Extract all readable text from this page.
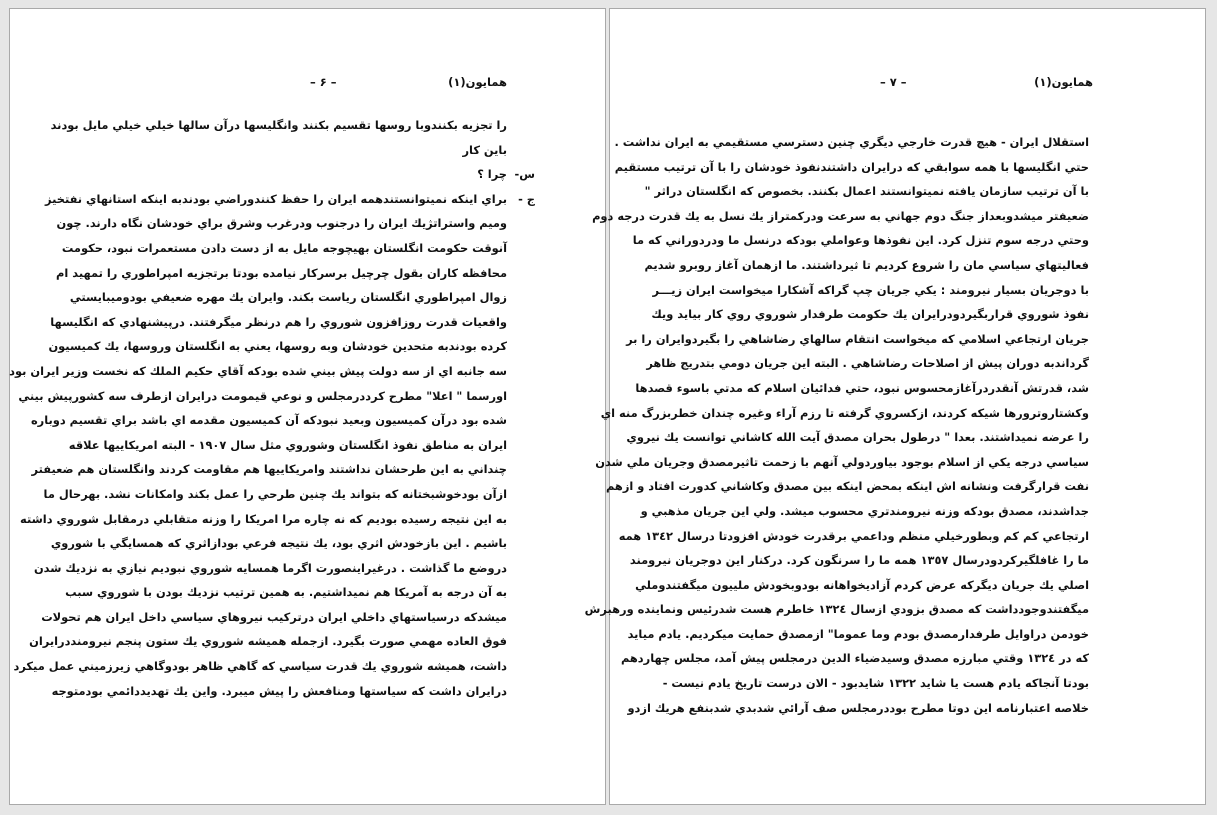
همايون(١)
– ۶ –
را تجزيه بكنندوبا روسها تقسيم بكنند وانگليسها درآن سالها خيلي خيلي مايل بودند
باين كار
س-
چرا ؟
ج -
براي اينكه نميتوانستندهمه ايران را حفظ كنندوراضي بودندبه اينكه استانهاي نفتخيز
وميم واستراتژيك ايران را درجنوب ودرغرب وشرق براي خودشان نگاه دارند. چون
آنوقت حكومت انگلستان بهيچوجه مايل به از دست دادن مستعمرات نبود، حكومت
محافظه كاران بقول چرچيل برسركار نيامده بودتا برتجزيه امپراطوري را تمهيد ام
زوال امپراطوري انگلستان رياست بكند. وايران يك مهره ضعيفي بودوميبايستي
واقعيات قدرت روزافزون شوروي را هم درنظر ميگرفتند. درپيشنهادي كه انگليسها
كرده بودندبه متحدين خودشان وبه روسها، يعني به انگلستان وروسها، يك كميسيون
سه جانبه اي از سه دولت پيش بيني شده بودكه آقاي حكيم الملك كه نخست وزير ايران بود
اورسما " اعلا" مطرح كرددرمجلس و نوعي قيمومت درايران ازطرف سه كشورپيش بيني
شده بود درآن كميسيون وبعيد نبودكه آن كميسيون مقدمه اي باشد براي تقسيم دوباره
ايران به مناطق نفوذ انگلستان وشوروي مثل سال ١٩٠٧ - البته امريكاييها علاقه
چنداني به اين طرحشان نداشتند وامريكاييها هم مقاومت كردند وانگلستان هم ضعيفتر
ازآن بودخوشبختانه كه بتواند يك چنين طرحي را عمل بكند وامكانات نشد. بهرحال ما
به اين نتيجه رسيده بوديم كه نه چاره مرا امريكا را وزنه متقابلي درمقابل شوروي داشته
باشيم . اين بازخودش اثري بود، يك نتيجه فرعي بودازاثري كه همسايگي با شوروي
دروضع ما گذاشت . درغيراينصورت اگرما همسايه شوروي نبوديم نيازي به نزديك شدن
به آن درجه به آمريكا هم نميداشتيم. به همين ترتيب نزديك بودن با شوروي سبب
ميشدكه درسياستهاي داخلي ايران درتركيب نيروهاي سياسي داخل ايران هم تحولات
فوق العاده مهمي صورت بگيرد. ازجمله هميشه شوروي يك ستون پنجم نيرومنددرايران
داشت، هميشه شوروي يك قدرت سياسي كه گاهي ظاهر بودوگاهي زيرزميني عمل ميكرد
درايران داشت كه سياستها ومنافعش را پيش ميبرد. واين يك تهديددائمي بودمتوجه
همايون(١)
– ٧ –
استقلال ايران - هيچ قدرت خارجي ديگري چنين دسترسي مستقيمي به ايران نداشت .
حتي انگليسها با همه سوابقي كه درايران داشتندنفوذ خودشان را با آن ترتيب مستقيم
با آن ترتيب سازمان يافته نميتوانستند اعمال بكنند. بخصوص كه انگلستان دراثر "
ضعيفتر ميشدوبعداز جنگ دوم جهاني به سرعت ودركمتراز يك نسل به يك قدرت درجه دوم
وحتي درجه سوم تنزل كرد. اين نفوذها وعواملي بودكه درنسل ما ودردوراني كه ما
فعاليتهاي سياسي مان را شروع كرديم تا ثيرداشتند. ما ازهمان آغاز روبرو شديم
با دوجريان بسيار نيرومند : يكي جريان چپ گراكه آشكارا ميخواست ايران زيـــر
نفوذ شوروي قراربگيردودرايران يك حكومت طرفدار شوروي روي كار بيايد ويك
جريان ارتجاعي اسلامي كه ميخواست انتقام سالهاي رضاشاهي را بگيردوايران را بر
گرداندبه دوران پيش از اصلاحات رضاشاهي . البته اين جريان دومي بتدريج ظاهر
شد، قدرتش آنقدردرآغازمحسوس نبود، حتي فدائيان اسلام كه مدتي باسوء قصدها
وكشتاروترورها شيكه كردند، ازكسروي گرفته تا رزم آراء وغيره چندان خطربزرگ منه اي
را عرضه نميداشتند. بعدا " درطول بحران مصدق آيت الله كاشاني توانست يك نيروي
سياسي درجه يكي از اسلام بوجود بياوردولي آنهم با زحمت تاثيرمصدق وجريان ملي شدن
نفت قرارگرفت ونشانه اش اينكه بمحض اينكه بين مصدق وكاشاني كدورت افتاد و ازهم
جداشدند، مصدق بودكه وزنه نيرومندتري محسوب ميشد. ولي اين جريان مذهبي و
ارتجاعي كم كم وبطورخيلي منظم وداعمي برقدرت خودش افزودتا درسال ١٣٤٢ همه
ما را غافلگيركردودرسال ١٣٥٧ همه ما را سرنگون كرد. دركنار اين دوجريان نيرومند
اصلي يك جريان ديگركه عرض كردم آزاديخواهانه بودوبخودش ملييون ميگفتندوملي
ميگفتندوجودداشت كه مصدق بزودي ازسال ١٣٢٤ خاطرم هست شدرئيس ونماينده ورهبرش
خودمن دراوايل طرفدارمصدق بودم وما عموما" ازمصدق حمايت ميكرديم. يادم ميايد
كه در ١٣٢٤ وقتي مبارزه مصدق وسيدضياء الدين درمجلس پيش آمد، مجلس چهاردهم
بودتا آنجاكه يادم هست يا شايد ١٣٢٢ شايدبود - الان درست تاريخ يادم نيست -
خلاصه اعتبارنامه اين دوتا مطرح بوددرمجلس صف آرائي شدبدي شدبنفع هريك ازدو
